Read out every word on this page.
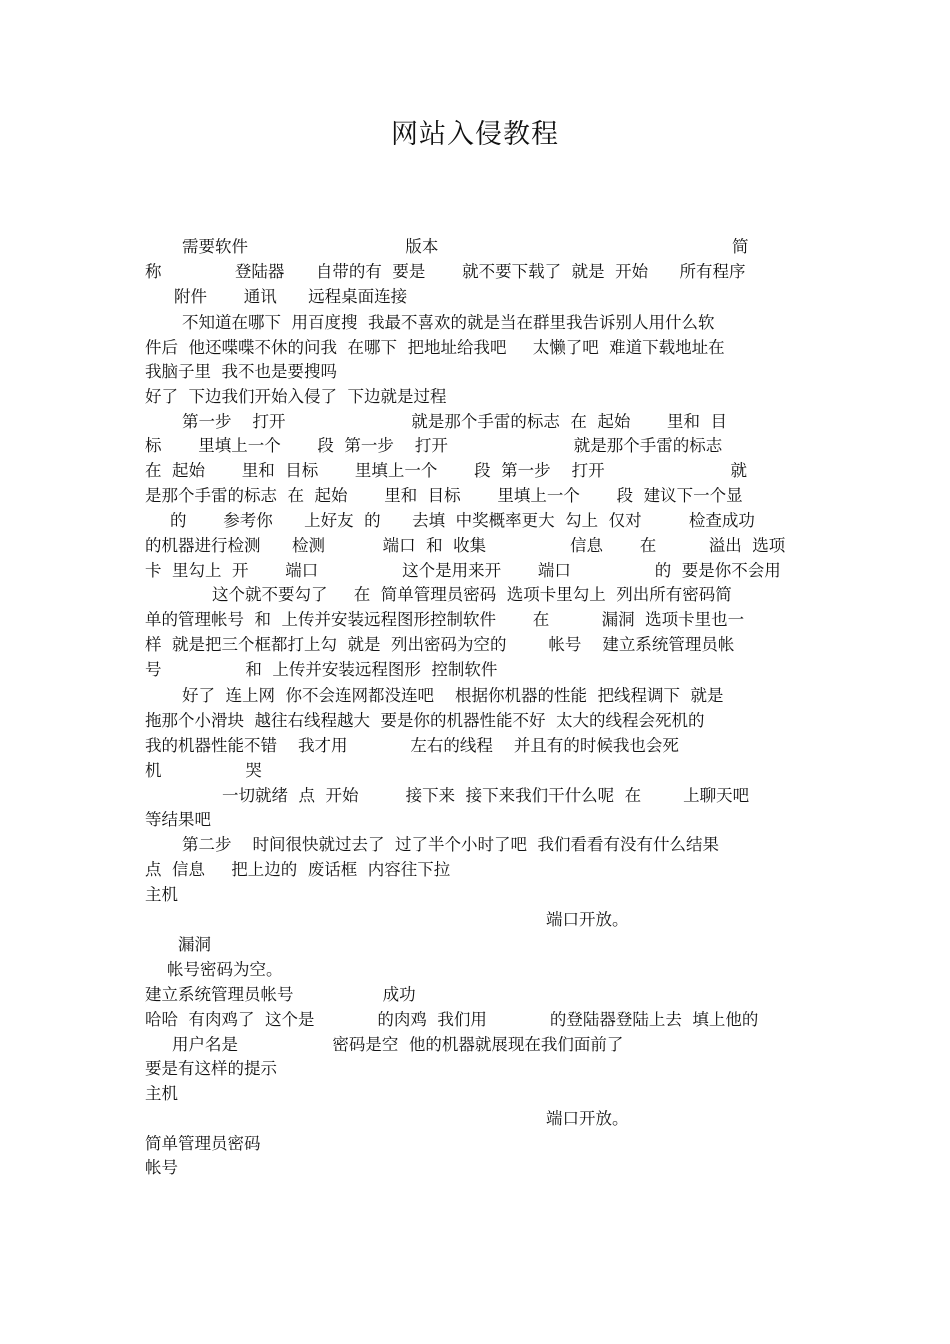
网站入侵教程
需要软件                              版本                                                        简
称              登陆器      自带的有  要是       就不要下载了  就是  开始      所有程序
附件       通讯      远程桌面连接
不知道在哪下  用百度搜  我最不喜欢的就是当在群里我告诉别人用什么软
件后  他还喋喋不休的问我  在哪下  把地址给我吧     太懒了吧  难道下载地址在
我脑子里  我不也是要搜吗
好了  下边我们开始入侵了  下边就是过程
第一步    打开                        就是那个手雷的标志  在  起始       里和  目
标       里填上一个       段  第一步    打开                        就是那个手雷的标志
在  起始       里和  目标       里填上一个       段  第一步    打开                        就
是那个手雷的标志  在  起始       里和  目标       里填上一个       段  建议下一个显
的       参考你      上好友  的      去填  中奖概率更大  勾上  仅对         检查成功
的机器进行检测      检测           端口  和  收集                信息       在          溢出  选项
卡  里勾上  开       端口                这个是用来开       端口                的  要是你不会用
这个就不要勾了     在  简单管理员密码  选项卡里勾上  列出所有密码简
单的管理帐号  和  上传并安装远程图形控制软件       在          漏洞  选项卡里也一
样  就是把三个框都打上勾  就是  列出密码为空的        帐号    建立系统管理员帐
号                和  上传并安装远程图形  控制软件
好了  连上网  你不会连网都没连吧    根据你机器的性能  把线程调下  就是
拖那个小滑块  越往右线程越大  要是你的机器性能不好  太大的线程会死机的
我的机器性能不错    我才用            左右的线程    并且有的时候我也会死
机                哭
一切就绪  点  开始         接下来  接下来我们干什么呢  在        上聊天吧
等结果吧
第二步    时间很快就过去了  过了半个小时了吧  我们看看有没有什么结果
点  信息     把上边的  废话框  内容往下拉
主机
端口开放。
漏洞
帐号密码为空。
建立系统管理员帐号                 成功
哈哈  有肉鸡了  这个是            的肉鸡  我们用            的登陆器登陆上去  填上他的
用户名是                  密码是空  他的机器就展现在我们面前了
要是有这样的提示
主机
端口开放。
简单管理员密码
帐号
